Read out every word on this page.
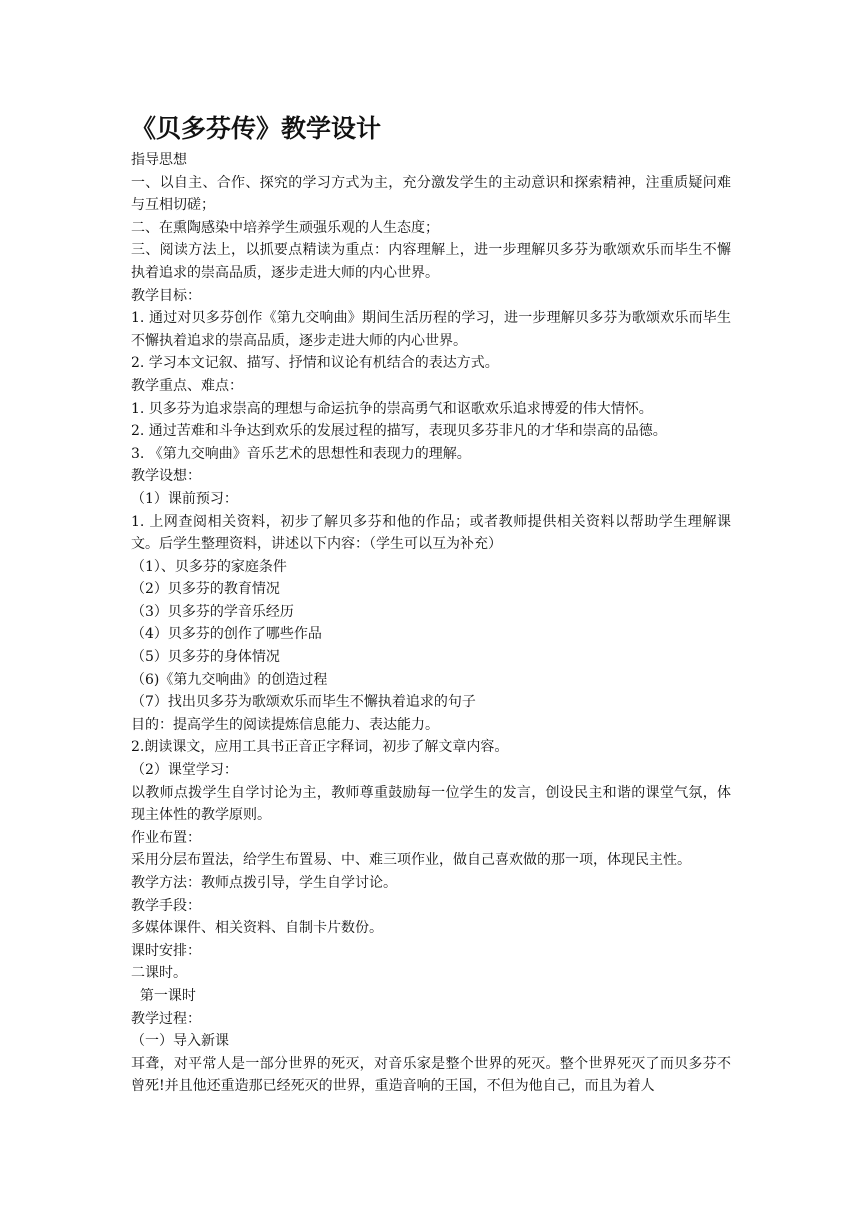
《贝多芬传》教学设计

指导思想

一、以自主、合作、探究的学习方式为主，充分激发学生的主动意识和探索精神，注重质疑问难与互相切磋；

二、在熏陶感染中培养学生顽强乐观的人生态度；

三、阅读方法上，以抓要点精读为重点：内容理解上，进一步理解贝多芬为歌颂欢乐而毕生不懈执着追求的崇高品质，逐步走进大师的内心世界。

教学目标：

1. 通过对贝多芬创作《第九交响曲》期间生活历程的学习，进一步理解贝多芬为歌颂欢乐而毕生不懈执着追求的崇高品质，逐步走进大师的内心世界。

2. 学习本文记叙、描写、抒情和议论有机结合的表达方式。

教学重点、难点：

1. 贝多芬为追求崇高的理想与命运抗争的崇高勇气和讴歌欢乐追求博爱的伟大情怀。

2. 通过苦难和斗争达到欢乐的发展过程的描写，表现贝多芬非凡的才华和崇高的品德。

3. 《第九交响曲》音乐艺术的思想性和表现力的理解。

教学设想：

（1）课前预习：

1. 上网查阅相关资料，初步了解贝多芬和他的作品；或者教师提供相关资料以帮助学生理解课文。后学生整理资料，讲述以下内容：（学生可以互为补充）

（1）、贝多芬的家庭条件

（2）贝多芬的教育情况

（3）贝多芬的学音乐经历

（4）贝多芬的创作了哪些作品

（5）贝多芬的身体情况

（6)《第九交响曲》的创造过程

（7）找出贝多芬为歌颂欢乐而毕生不懈执着追求的句子

目的：提高学生的阅读提炼信息能力、表达能力。

2.朗读课文，应用工具书正音正字释词，初步了解文章内容。

（2）课堂学习：

以教师点拨学生自学讨论为主，教师尊重鼓励每一位学生的发言，创设民主和谐的课堂气氛，体现主体性的教学原则。

作业布置：

采用分层布置法，给学生布置易、中、难三项作业，做自己喜欢做的那一项，体现民主性。

教学方法：教师点拨引导，学生自学讨论。

教学手段：

多媒体课件、相关资料、自制卡片数份。

课时安排：

二课时。

第一课时

教学过程：

（一）导入新课

耳聋，对平常人是一部分世界的死灭，对音乐家是整个世界的死灭。整个世界死灭了而贝多芬不曾死!并且他还重造那已经死灭的世界，重造音响的王国，不但为他自己，而且为着人
